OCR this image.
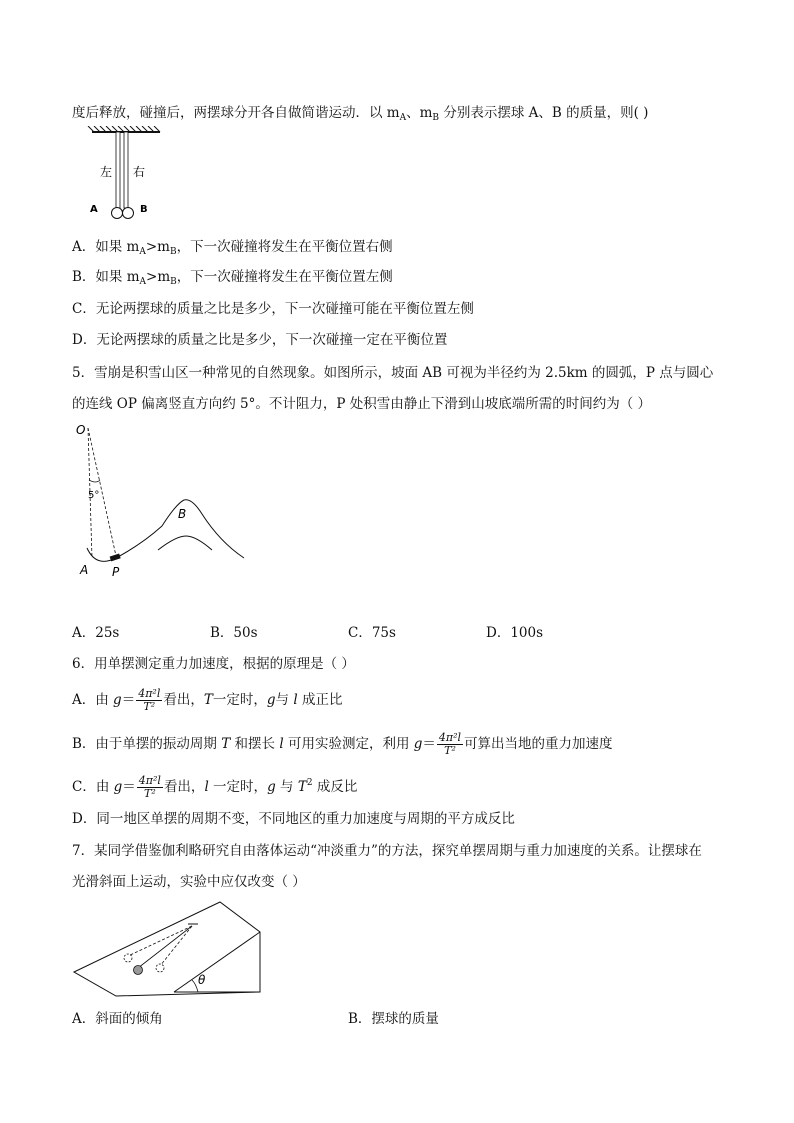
度后释放，碰撞后，两摆球分开各自做简谐运动．以 $m_A$、$m_B$ 分别表示摆球 A、B 的质量，则( )
左 右
A	B
A．如果 $m_A>m_B$，下一次碰撞将发生在平衡位置右侧
B．如果 $m_A>m_B$，下一次碰撞将发生在平衡位置左侧
C．无论两摆球的质量之比是多少，下一次碰撞可能在平衡位置左侧
D．无论两摆球的质量之比是多少，下一次碰撞一定在平衡位置
5．雪崩是积雪山区一种常见的自然现象。如图所示，坡面 AB 可视为半径约为 2.5km 的圆弧，P 点与圆心
的连线 OP 偏离竖直方向约 5°。不计阻力，P 处积雪由静止下滑到山坡底端所需的时间约为（ ）
O
5°
B
A P
A．25s	B．50s	C．75s	D．100s
6．用单摆测定重力加速度，根据的原理是（ ）
A．由 $g= \frac{\text{4π²l}}{\text{T²}}$ 看出，T一定时，g与 l 成正比
B．由于单摆的振动周期 T 和摆长 l 可用实验测定，利用 $g= \frac{\text{4π²l}}{\text{T²}}$ 可算出当地的重力加速度
C．由 $g= \frac{\text{4π²l}}{\text{T²}}$ 看出，l 一定时，g 与 $T^2$ 成反比
D．同一地区单摆的周期不变，不同地区的重力加速度与周期的平方成反比
7．某同学借鉴伽利略研究自由落体运动“冲淡重力”的方法，探究单摆周期与重力加速度的关系。让摆球在
光滑斜面上运动，实验中应仅改变（ ）
θ
A．斜面的倾角	B．摆球的质量
